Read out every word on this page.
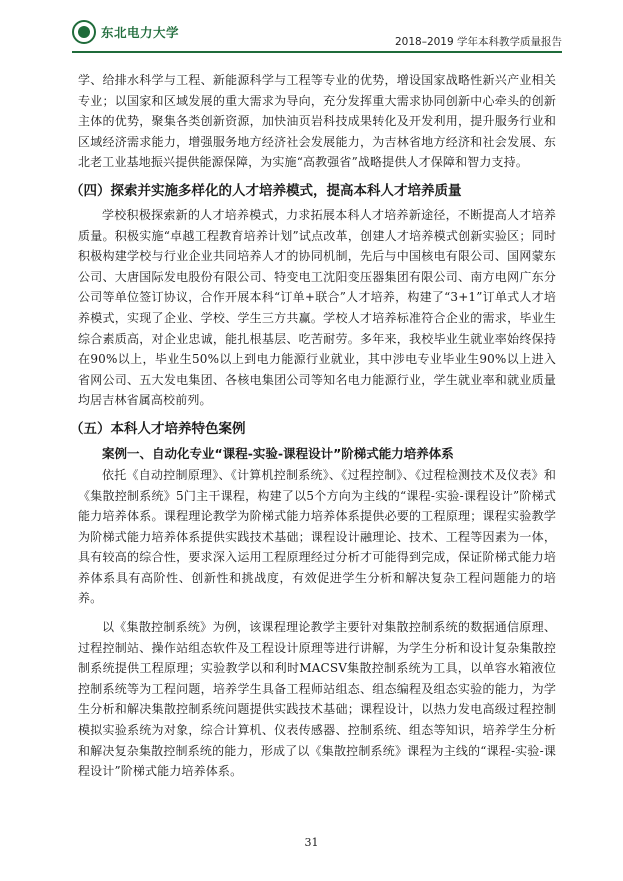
东北电力大学
2018–2019 学年本科教学质量报告

学、给排水科学与工程、新能源科学与工程等专业的优势，增设国家战略性新兴产业相关专业；以国家和区域发展的重大需求为导向，充分发挥重大需求协同创新中心牵头的创新主体的优势，聚集各类创新资源，加快油页岩科技成果转化及开发利用，提升服务行业和区域经济需求能力，增强服务地方经济社会发展能力，为吉林省地方经济和社会发展、东北老工业基地振兴提供能源保障，为实施“高教强省”战略提供人才保障和智力支持。

（四）探索并实施多样化的人才培养模式，提高本科人才培养质量

学校积极探索新的人才培养模式，力求拓展本科人才培养新途径，不断提高人才培养质量。积极实施“卓越工程教育培养计划”试点改革，创建人才培养模式创新实验区；同时积极构建学校与行业企业共同培养人才的协同机制，先后与中国核电有限公司、国网蒙东公司、大唐国际发电股份有限公司、特变电工沈阳变压器集团有限公司、南方电网广东分公司等单位签订协议，合作开展本科“订单+联合”人才培养，构建了“3+1”订单式人才培养模式，实现了企业、学校、学生三方共赢。学校人才培养标准符合企业的需求，毕业生综合素质高，对企业忠诚，能扎根基层、吃苦耐劳。多年来，我校毕业生就业率始终保持在90%以上，毕业生50%以上到电力能源行业就业，其中涉电专业毕业生90%以上进入省网公司、五大发电集团、各核电集团公司等知名电力能源行业，学生就业率和就业质量均居吉林省属高校前列。

（五）本科人才培养特色案例
案例一、自动化专业“课程-实验-课程设计”阶梯式能力培养体系

依托《自动控制原理》、《计算机控制系统》、《过程控制》、《过程检测技术及仪表》和《集散控制系统》5门主干课程，构建了以5个方向为主线的“课程-实验-课程设计”阶梯式能力培养体系。课程理论教学为阶梯式能力培养体系提供必要的工程原理；课程实验教学为阶梯式能力培养体系提供实践技术基础；课程设计融理论、技术、工程等因素为一体，具有较高的综合性，要求深入运用工程原理经过分析才可能得到完成，保证阶梯式能力培养体系具有高阶性、创新性和挑战度，有效促进学生分析和解决复杂工程问题能力的培养。

以《集散控制系统》为例，该课程理论教学主要针对集散控制系统的数据通信原理、过程控制站、操作站组态软件及工程设计原理等进行讲解，为学生分析和设计复杂集散控制系统提供工程原理；实验教学以和利时MACSV集散控制系统为工具，以单容水箱液位控制系统等为工程问题，培养学生具备工程师站组态、组态编程及组态实验的能力，为学生分析和解决集散控制系统问题提供实践技术基础；课程设计，以热力发电高级过程控制模拟实验系统为对象，综合计算机、仪表传感器、控制系统、组态等知识，培养学生分析和解决复杂集散控制系统的能力，形成了以《集散控制系统》课程为主线的“课程-实验-课程设计”阶梯式能力培养体系。

31
